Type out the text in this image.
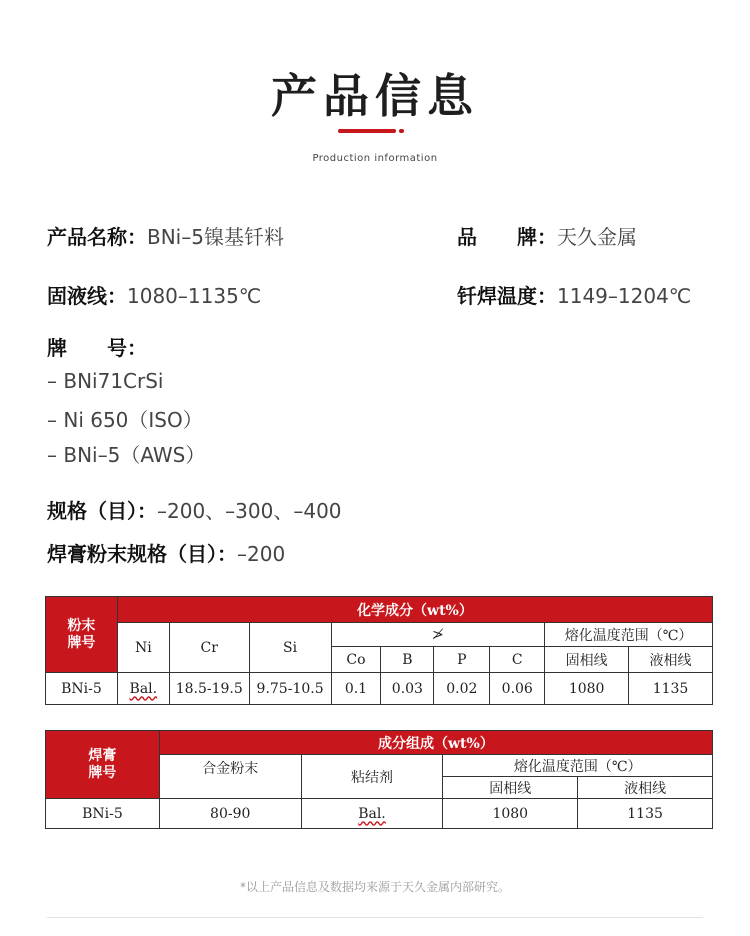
产品信息
Production information
产品名称：BNi–5镍基钎料	品　　牌：天久金属
固液线：1080–1135℃	钎焊温度：1149–1204℃
牌　　号：
– BNi71CrSi
– Ni 650（ISO）
– BNi–5（AWS）
规格（目）：–200、–300、–400
焊膏粉末规格（目）：–200
粉末
牌号	化学成分（wt%）								
	Ni	Cr	Si	≯				熔化温度范围（℃）	
				Co	B	P	C	固相线	液相线
BNi-5	Bal.	18.5-19.5	9.75-10.5	0.1	0.03	0.02	0.06	1080	1135
焊膏
牌号	成分组成（wt%）			
	合金粉末	粘结剂	熔化温度范围（℃）	
			固相线	液相线
BNi-5	80-90	Bal.	1080	1135
*以上产品信息及数据均来源于天久金属内部研究。
